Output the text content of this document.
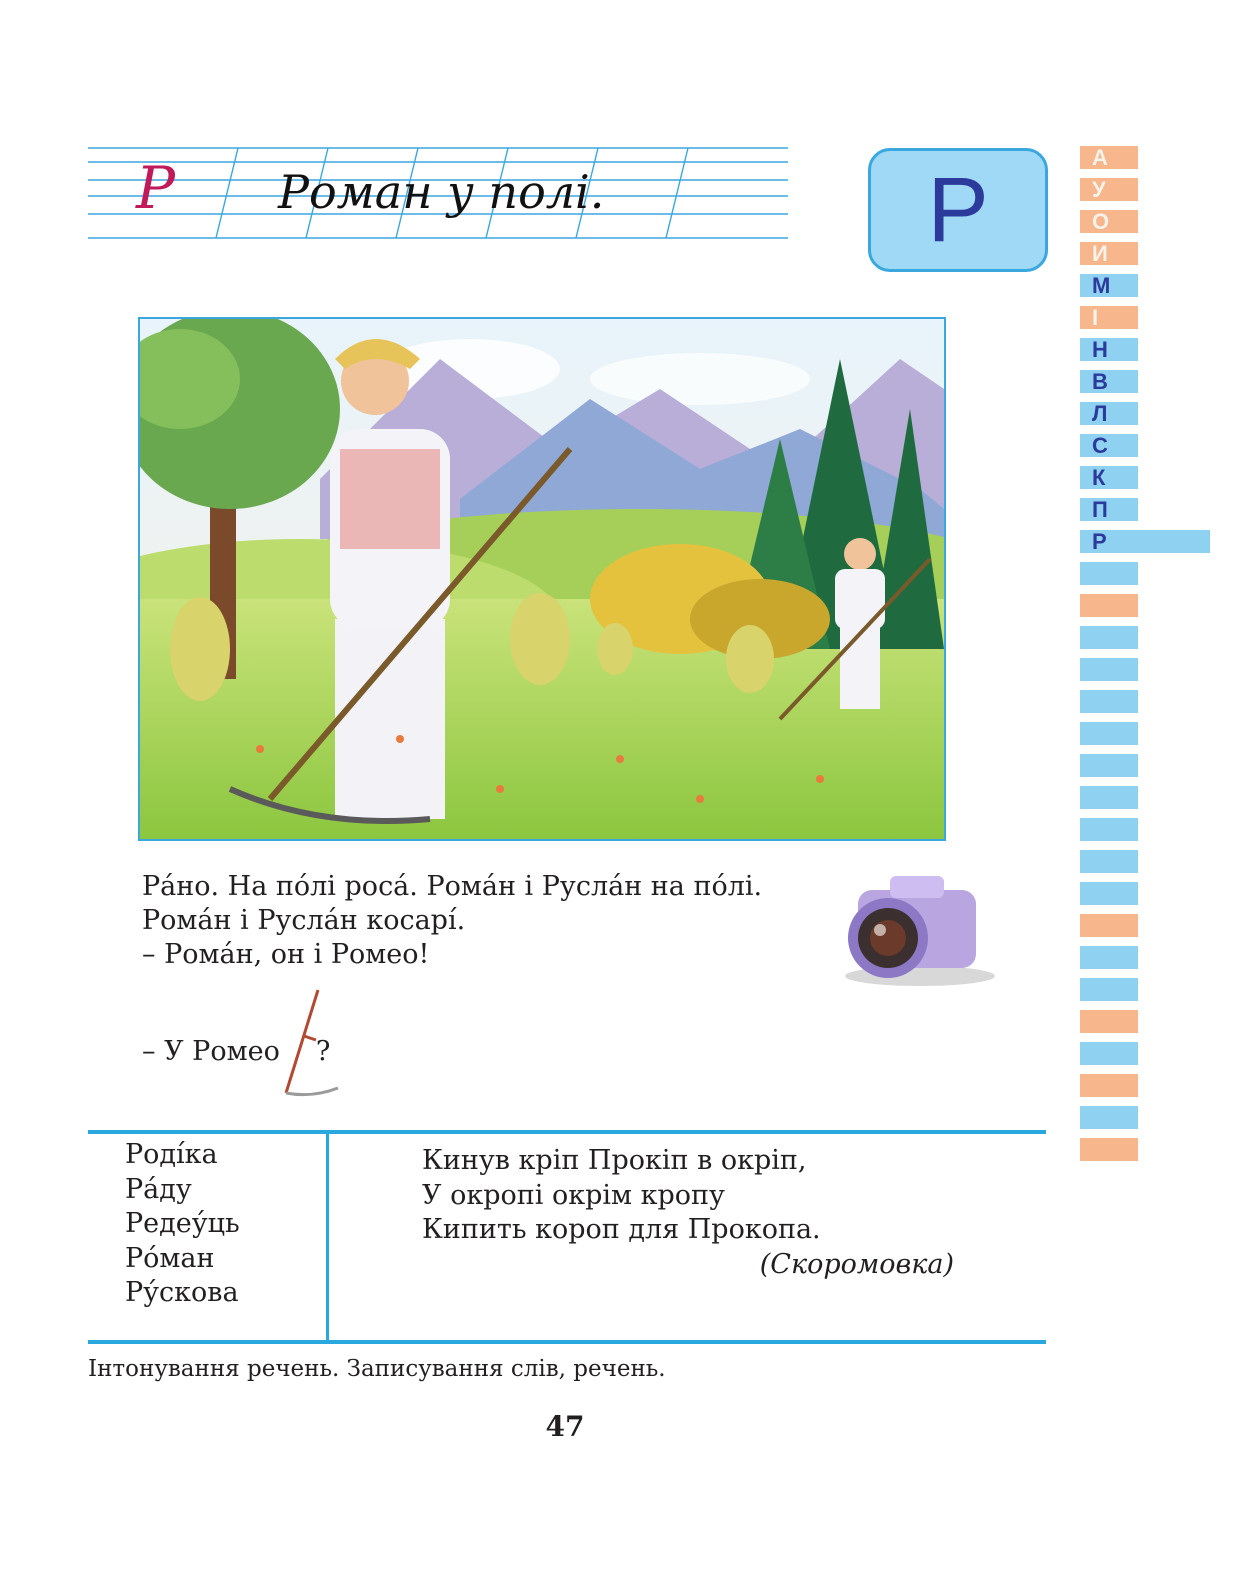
Р Роман у полі.	Р
А
У
О
И
М
І
Н
В
Л
С
К
П
Р
Ра́но. На по́лі роса́. Рома́н і Русла́н на по́лі.
Рома́н і Русла́н косарі́.
– Рома́н, он і Ромео!
– У Ромео ?
Роді́ка
Ра́ду
Редеу́ць
Ро́ман
Ру́скова
Кинув кріп Прокіп в окріп,
У окропі окрім кропу
Кипить короп для Прокопа.
(Скоромовка)
Інтонування речень. Записування слів, речень.
47
